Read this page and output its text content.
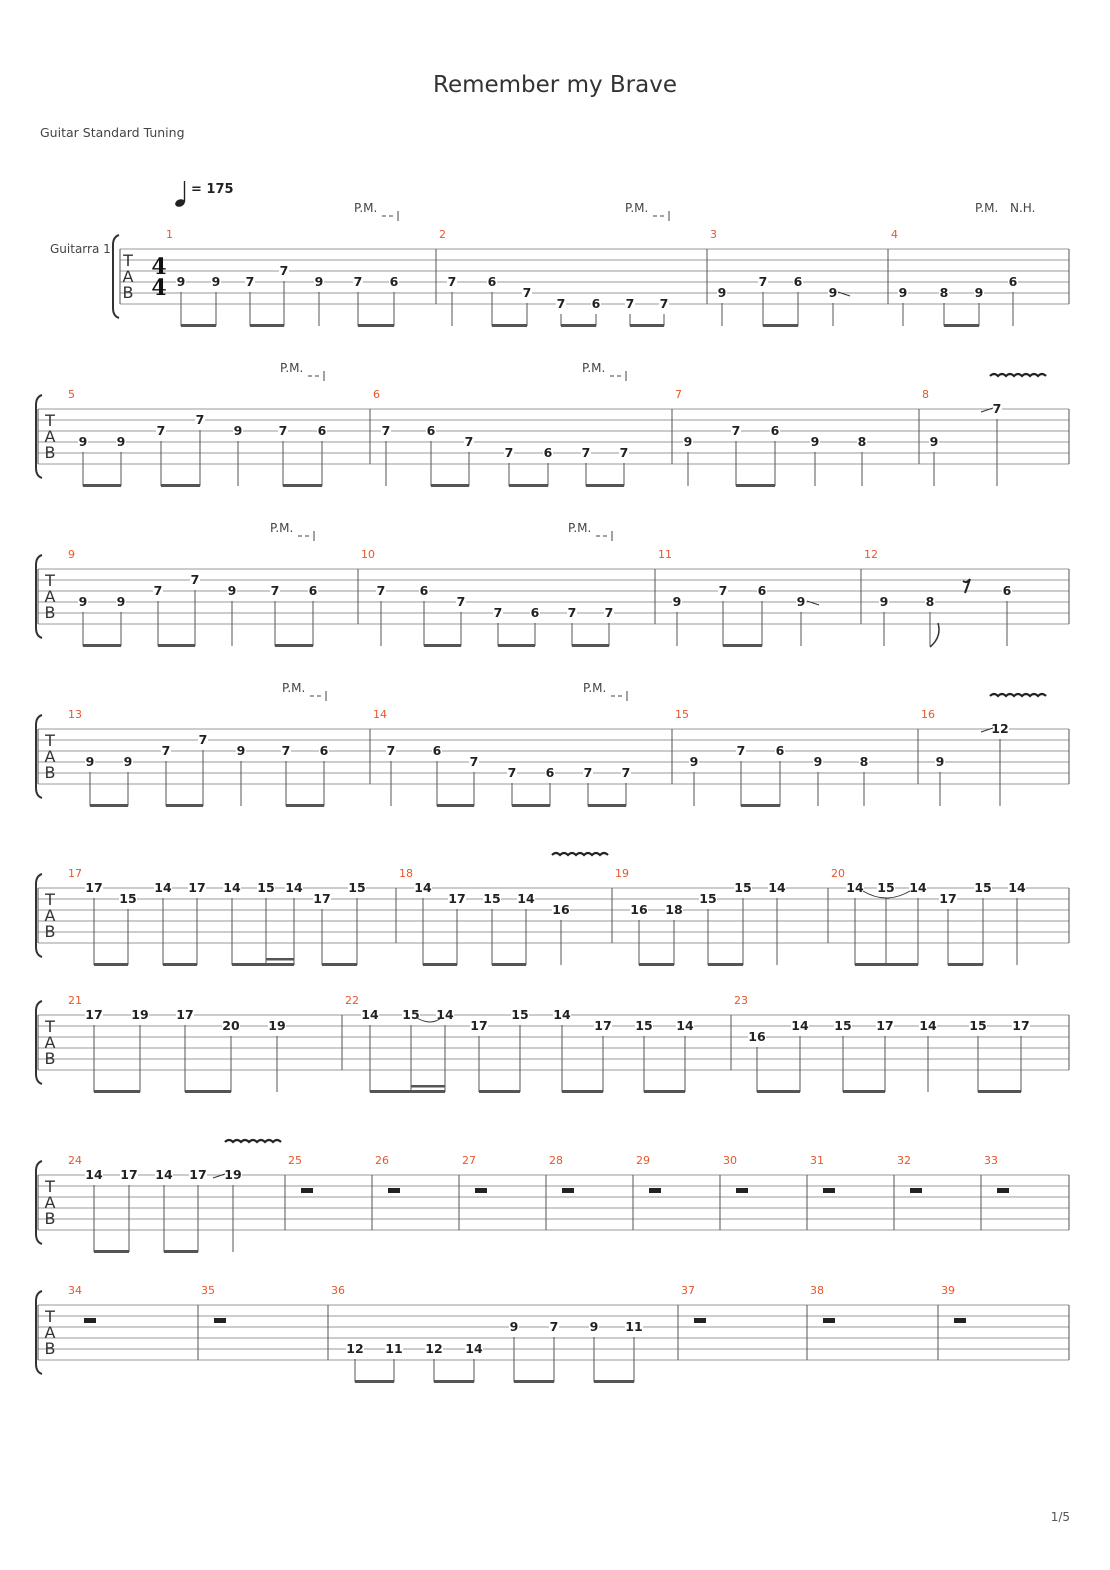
Remember my Brave
Guitar Standard Tuning
1/5
= 175
Guitarra 1
T
A
B
4
4
1
9 9 7
7
9 7 6
2
7	6
7
7 6 7 7
3
9
7 6
9
4
9	8 9
6
P.M.	P.M.	P.M. N.H.
T
A
B
5
9 9
7
7
9	7 6
6
7	6
7
7 6 7 7
7
9
7 6
9	8
8
9
7
P.M.	P.M.
T
A
B
9
9 9
7
7
9	7 6
10
7	6
7
7 6 7 7
11
9
7 6
9
12
9	8
6
P.M.	P.M.
T
A
B
13
9 9
7
7
9	7 6
14
7	6
7
7 6 7 7
15
9
7 6
9	8
16
9
12
P.M.	P.M.
T
A
B
17
17
15
14 17 14 15 14
17
15
18
14
17 15 14
16
19
16 18
15
15 14
20
14 15 14
17
15 14
T
A
B
21
17 19 17
20 19
22
14 15 14
17
15 14
17 15 14
23
16
14 15 17 14	15 17
T
A
B
24
14 17 14 17 19
25	26	27	28	29	30	31	32	33
T
A
B
34	35	36
12 11 12 14
9	7	9 11
37	38	39
